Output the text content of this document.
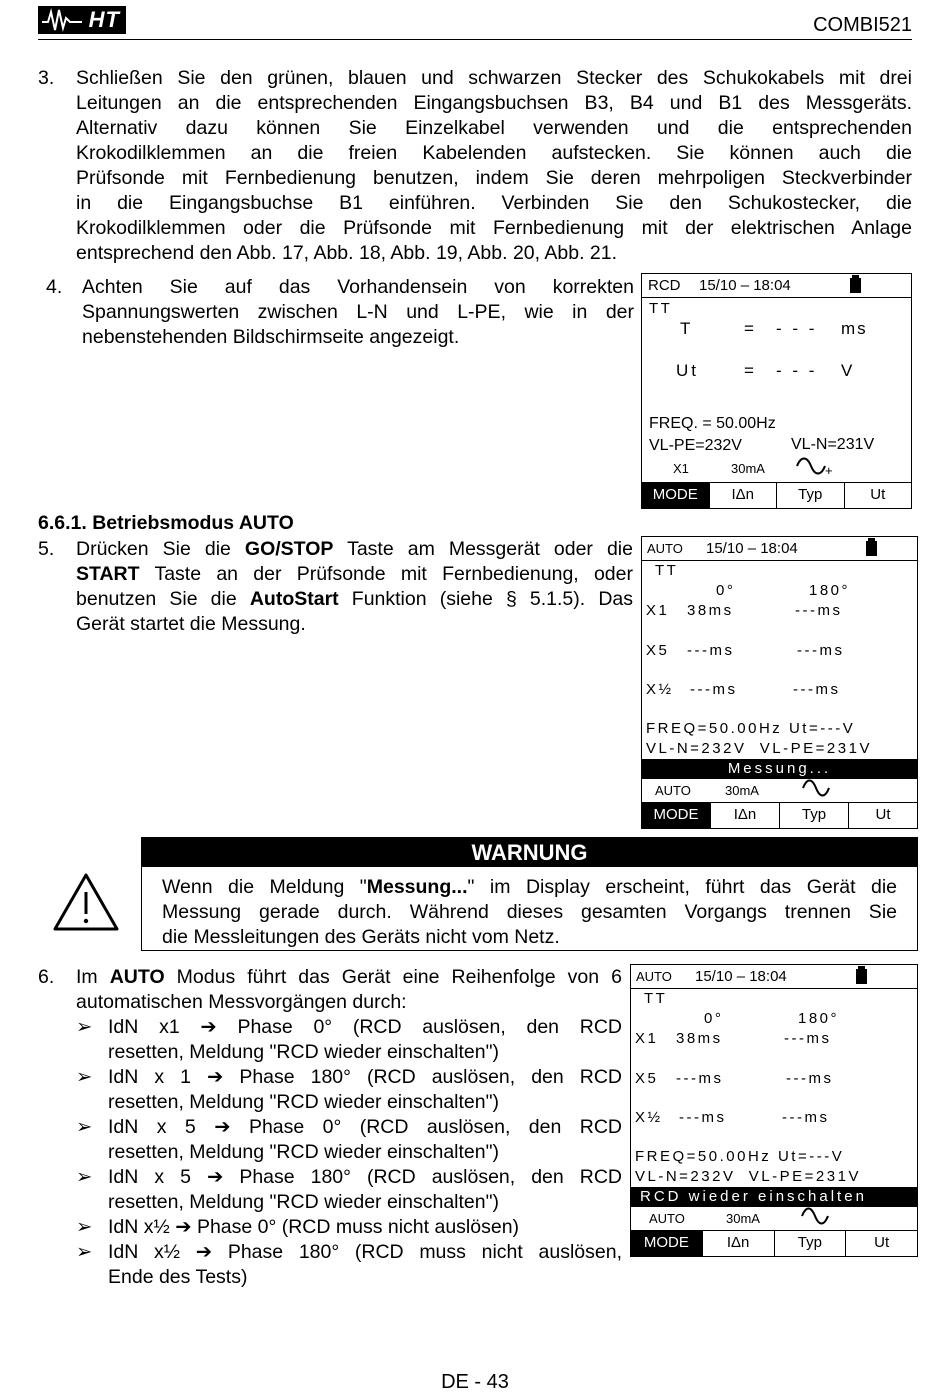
HT	COMBI521
3. Schließen Sie den grünen, blauen und schwarzen Stecker des Schukokabels mit drei
Leitungen an die entsprechenden Eingangsbuchsen B3, B4 und B1 des Messgeräts.
Alternativ dazu können Sie Einzelkabel verwenden und die entsprechenden
Krokodilklemmen an die freien Kabelenden aufstecken. Sie können auch die
Prüfsonde mit Fernbedienung benutzen, indem Sie deren mehrpoligen Steckverbinder
in die Eingangsbuchse B1 einführen. Verbinden Sie den Schukostecker, die
Krokodilklemmen oder die Prüfsonde mit Fernbedienung mit der elektrischen Anlage
entsprechend den Abb. 17, Abb. 18, Abb. 19, Abb. 20, Abb. 21.
4. Achten Sie auf das Vorhandensein von korrekten
Spannungswerten zwischen L-N und L-PE, wie in der
nebenstehenden Bildschirmseite angezeigt.
RCD 15/10 – 18:04
TT
T	= - - - ms
Ut	= - - - V
FREQ. = 50.00Hz
VL-PE=232V	VL-N=231V
X1	30mA	+
MODE	IΔn	Typ	Ut
6.6.1. Betriebsmodus AUTO
5. Drücken Sie die GO/STOP Taste am Messgerät oder die
START Taste an der Prüfsonde mit Fernbedienung, oder
benutzen Sie die AutoStart Funktion (siehe § 5.1.5). Das
Gerät startet die Messung.
AUTO 15/10 – 18:04
TT
0°	180°
X1 38ms	---ms
X5 ---ms	---ms
X½ ---ms	---ms
FREQ=50.00Hz Ut=---V
VL-N=232V  VL-PE=231V
Messung...
AUTO	30mA
MODE	IΔn	Typ	Ut
WARNUNG
Wenn die Meldung "Messung..." im Display erscheint, führt das Gerät die
Messung gerade durch. Während dieses gesamten Vorgangs trennen Sie
die Messleitungen des Geräts nicht vom Netz.
6. Im AUTO Modus führt das Gerät eine Reihenfolge von 6
automatischen Messvorgängen durch:
➢ IdN x1 ➔ Phase 0° (RCD auslösen, den RCD
resetten, Meldung "RCD wieder einschalten")
➢ IdN x 1 ➔ Phase 180° (RCD auslösen, den RCD
resetten, Meldung "RCD wieder einschalten")
➢ IdN x 5 ➔ Phase 0° (RCD auslösen, den RCD
resetten, Meldung "RCD wieder einschalten")
➢ IdN x 5 ➔ Phase 180° (RCD auslösen, den RCD
resetten, Meldung "RCD wieder einschalten")
➢ IdN x½ ➔ Phase 0° (RCD muss nicht auslösen)
➢ IdN x½ ➔ Phase 180° (RCD muss nicht auslösen,
Ende des Tests)
AUTO 15/10 – 18:04
TT
0°	180°
X1 38ms	---ms
X5 ---ms	---ms
X½ ---ms	---ms
FREQ=50.00Hz Ut=---V
VL-N=232V  VL-PE=231V
RCD wieder einschalten
AUTO	30mA
MODE	IΔn	Typ	Ut
DE - 43
